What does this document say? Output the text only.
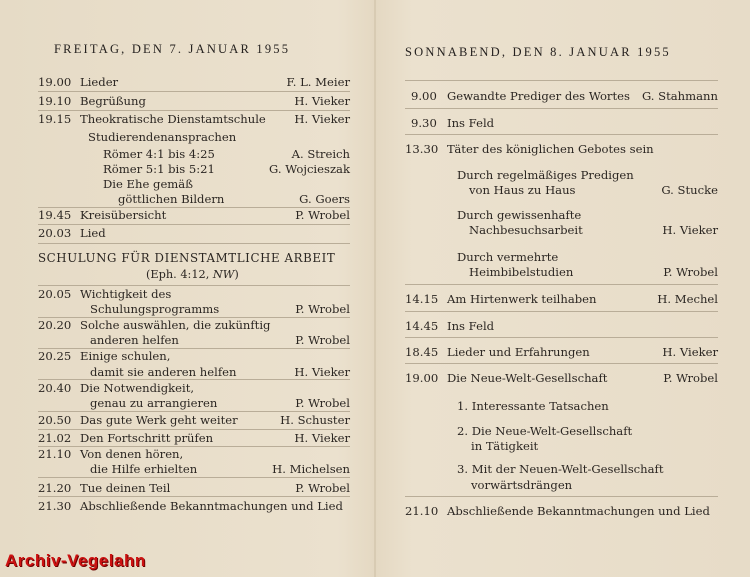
FREITAG, DEN 7. JANUAR 1955
19.00 Lieder	F. L. Meier
19.10 Begrüßung	H. Vieker
19.15 Theokratische Dienstamtschule H. Vieker
Studierendenansprachen
Römer 4:1 bis 4:25	A. Streich
Römer 5:1 bis 5:21	G. Wojcieszak
Die Ehe gemäß
göttlichen Bildern	G. Goers
19.45 Kreisübersicht	P. Wrobel
20.03 Lied
SCHULUNG FÜR DIENSTAMTLICHE ARBEIT
(Eph. 4:12, NW)
20.05 Wichtigkeit des
Schulungsprogramms	P. Wrobel
20.20 Solche auswählen, die zukünftig
anderen helfen	P. Wrobel
20.25 Einige schulen,
damit sie anderen helfen	H. Vieker
20.40 Die Notwendigkeit,
genau zu arrangieren	P. Wrobel
20.50 Das gute Werk geht weiter	H. Schuster
21.02 Den Fortschritt prüfen	H. Vieker
21.10 Von denen hören,
die Hilfe erhielten	H. Michelsen
21.20 Tue deinen Teil	P. Wrobel
21.30 Abschließende Bekanntmachungen und Lied
SONNABEND, DEN 8. JANUAR 1955
9.00 Gewandte Prediger des Wortes G. Stahmann
9.30 Ins Feld
13.30 Täter des königlichen Gebotes sein
Durch regelmäßiges Predigen
von Haus zu Haus	G. Stucke
Durch gewissenhafte
Nachbesuchsarbeit	H. Vieker
Durch vermehrte
Heimbibelstudien	P. Wrobel
14.15 Am Hirtenwerk teilhaben	H. Mechel
14.45 Ins Feld
18.45 Lieder und Erfahrungen	H. Vieker
19.00 Die Neue-Welt-Gesellschaft	P. Wrobel
1. Interessante Tatsachen
2. Die Neue-Welt-Gesellschaft
in Tätigkeit
3. Mit der Neuen-Welt-Gesellschaft
vorwärtsdrängen
21.10 Abschließende Bekanntmachungen und Lied
Archiv-Vegelahn
